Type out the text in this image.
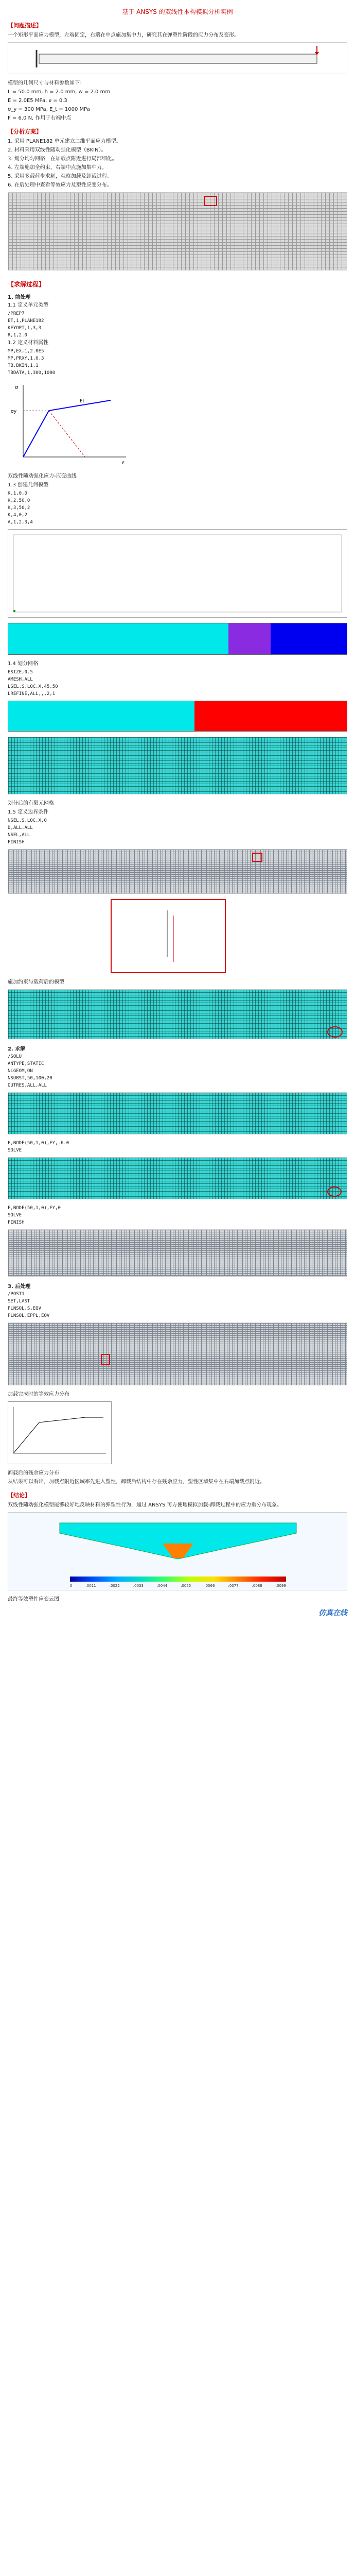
基于 ANSYS 的双线性本构模拟分析实例
【问题描述】

一个矩形平面应力模型，左端固定，右端在中点施加集中力，研究其在弹塑性阶段的应力分布及变形。

模型的几何尺寸与材料参数如下：

L = 50.0 mm, h = 2.0 mm, w = 2.0 mm

E = 2.0E5 MPa, ν = 0.3

σ_y = 300 MPa, E_t = 1000 MPa

F = 6.0 N, 作用于右端中点

【分析方案】

1. 采用 PLANE182 单元建立二维平面应力模型。

2. 材料采用双线性随动强化模型（BKIN）。

3. 划分均匀网格，在加载点附近进行局部细化。

4. 左端施加全约束，右端中点施加集中力。

5. 采用多载荷步求解，观察加载及卸载过程。

6. 在后处理中查看等效应力及塑性应变分布。

【求解过程】
1. 前处理

1.1 定义单元类型

/PREP7

ET,1,PLANE182

KEYOPT,1,3,3

R,1,2.0

1.2 定义材料属性

MP,EX,1,2.0E5

MP,PRXY,1,0.3

TB,BKIN,1,1

TBDATA,1,300,1000

σ
ε
σy
Et

双线性随动强化应力-应变曲线

1.3 创建几何模型

K,1,0,0

K,2,50,0

K,3,50,2

K,4,0,2

A,1,2,3,4

1.4 划分网格

ESIZE,0.5

AMESH,ALL

LSEL,S,LOC,X,45,50

LREFINE,ALL,,,2,1

划分后的有限元网格

1.5 定义边界条件

NSEL,S,LOC,X,0

D,ALL,ALL

NSEL,ALL

FINISH

施加约束与载荷后的模型

2. 求解

/SOLU

ANTYPE,STATIC

NLGEOM,ON

NSUBST,50,100,20

OUTRES,ALL,ALL

F,NODE(50,1,0),FY,-6.0

SOLVE

F,NODE(50,1,0),FY,0

SOLVE

FINISH

3. 后处理

/POST1

SET,LAST

PLNSOL,S,EQV

PLNSOL,EPPL,EQV

加载完成时的等效应力分布

卸载后的残余应力分布

从结果可以看出，加载点附近区域率先进入塑性，卸载后结构中存在残余应力，塑性区域集中在右端加载点附近。

【结论】

双线性随动强化模型能够较好地反映材料的弹塑性行为，通过 ANSYS 可方便地模拟加载-卸载过程中的应力重分布现象。

0	.0011	.0022	.0033	.0044	.0055	.0066	.0077	.0088	.0099

最终等效塑性应变云图

仿真在线
